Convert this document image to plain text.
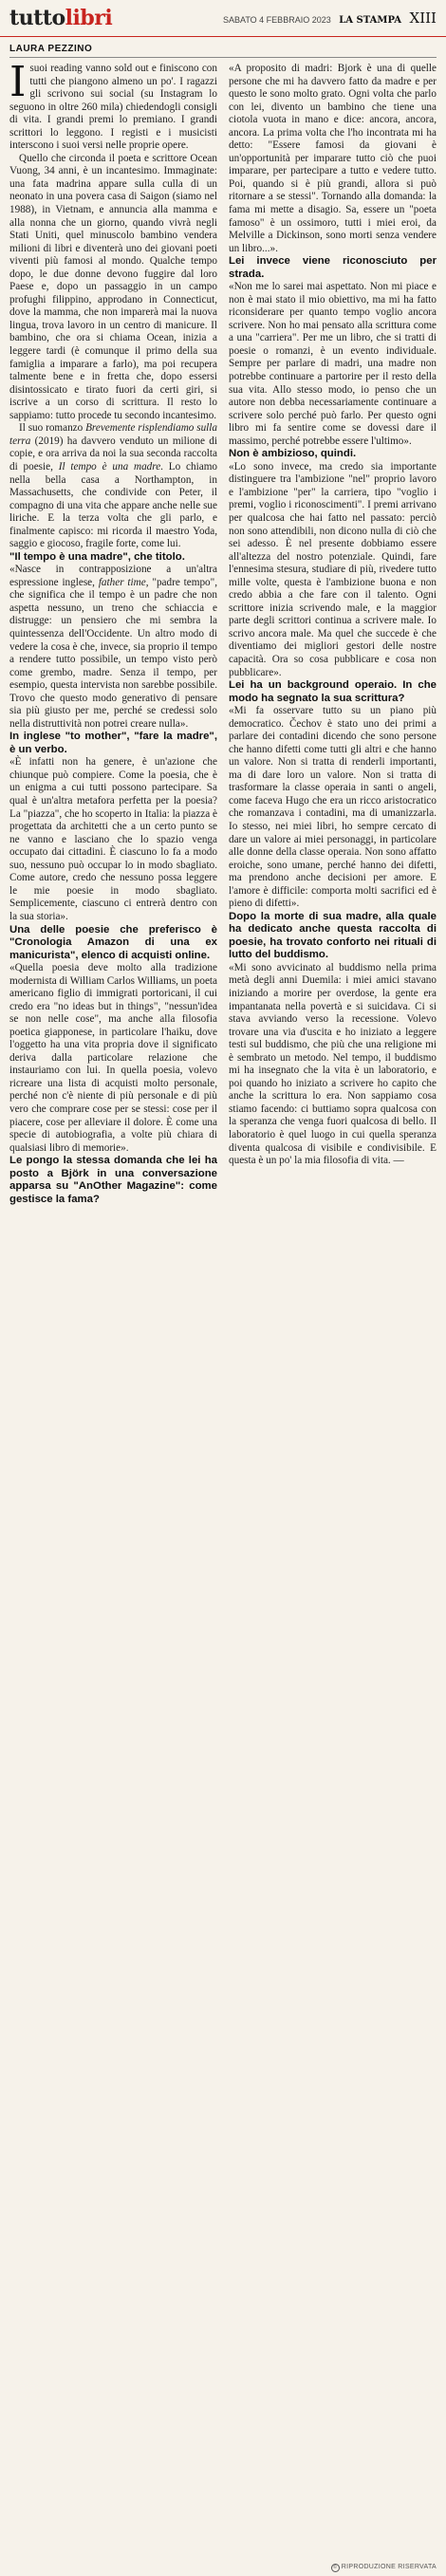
tuttolibri	SABATO 4 FEBBRAIO 2023 LA STAMPA XIII
LAURA PEZZINO

Isuoi reading vanno sold out e finiscono con tutti che piangono almeno un po'. I ragazzi gli scrivono sui social (su Instagram lo seguono in oltre 260 mila) chiedendogli consigli di vita. I grandi premi lo premiano. I grandi scrittori lo leggono. I registi e i musicisti interscono i suoi versi nelle proprie opere.

Quello che circonda il poeta e scrittore Ocean Vuong, 34 anni, è un incantesimo. Immaginate: una fata madrina appare sulla culla di un neonato in una povera casa di Saigon (siamo nel 1988), in Vietnam, e annuncia alla mamma e alla nonna che un giorno, quando vivrà negli Stati Uniti, quel minuscolo bambino vendera milioni di libri e diventerà uno dei giovani poeti viventi più famosi al mondo. Qualche tempo dopo, le due donne devono fuggire dal loro Paese e, dopo un passaggio in un campo profughi filippino, approdano in Connecticut, dove la mamma, che non imparerà mai la nuova lingua, trova lavoro in un centro di manicure. Il bambino, che ora si chiama Ocean, inizia a leggere tardi (è comunque il primo della sua famiglia a imparare a farlo), ma poi recupera talmente bene e in fretta che, dopo essersi disintossicato e tirato fuori da certi giri, si iscrive a un corso di scrittura. Il resto lo sappiamo: tutto procede tu secondo incantesimo.

Il suo romanzo Brevemente risplendiamo sulla terra (2019) ha davvero venduto un milione di copie, e ora arriva da noi la sua seconda raccolta di poesie, Il tempo è una madre. Lo chiamo nella bella casa a Northampton, in Massachusetts, che condivide con Peter, il compagno di una vita che appare anche nelle sue liriche. E la terza volta che gli parlo, e finalmente capisco: mi ricorda il maestro Yoda, saggio e giocoso, fragile forte, come lui.

"Il tempo è una madre", che titolo.

«Nasce in contrapposizione a un'altra espressione inglese, father time, "padre tempo", che significa che il tempo è un padre che non aspetta nessuno, un treno che schiaccia e distrugge: un pensiero che mi sembra la quintessenza dell'Occidente. Un altro modo di vedere la cosa è che, invece, sia proprio il tempo a rendere tutto possibile, un tempo visto però come grembo, madre. Senza il tempo, per esempio, questa intervista non sarebbe possibile. Trovo che questo modo generativo di pensare sia più giusto per me, perché se credessi solo nella distruttività non potrei creare nulla».

In inglese "to mother", "fare la madre", è un verbo.

«È infatti non ha genere, è un'azione che chiunque può compiere. Come la poesia, che è un enigma a cui tutti possono partecipare. Sa qual è un'altra metafora perfetta per la poesia? La "piazza", che ho scoperto in Italia: la piazza è progettata da architetti che a un certo punto se ne vanno e lasciano che lo spazio venga occupato dai cittadini. È ciascuno lo fa a modo suo, nessuno può occupar lo in modo sbagliato. Come autore, credo che nessuno possa leggere le mie poesie in modo sbagliato. Semplicemente, ciascuno ci entrerà dentro con la sua storia».

Una delle poesie che preferisco è "Cronologia Amazon di una ex manicurista", elenco di acquisti online.

«Quella poesia deve molto alla tradizione modernista di William Carlos Williams, un poeta americano figlio di immigrati portoricani, il cui credo era "no ideas but in things", "nessun'idea se non nelle cose", ma anche alla filosofia poetica giapponese, in particolare l'haiku, dove l'oggetto ha una vita propria dove il significato deriva dalla particolare relazione che instauriamo con lui. In quella poesia, volevo ricreare una lista di acquisti molto personale, perché non c'è niente di più personale e di più vero che comprare cose per se stessi: cose per il piacere, cose per alleviare il dolore. È come una specie di autobiografia, a volte più chiara di qualsiasi libro di memorie».

Le pongo la stessa domanda che lei ha posto a Björk in una conversazione apparsa su "AnOther Magazine": come gestisce la fama?

«A proposito di madri: Bjork è una di quelle persone che mi ha davvero fatto da madre e per questo le sono molto grato. Ogni volta che parlo con lei, divento un bambino che tiene una ciotola vuota in mano e dice: ancora, ancora, ancora. La prima volta che l'ho incontrata mi ha detto: "Essere famosi da giovani è un'opportunità per imparare tutto ciò che puoi imparare, per partecipare a tutto e vedere tutto. Poi, quando si è più grandi, allora si può ritornare a se stessi". Tornando alla domanda: la fama mi mette a disagio. Sa, essere un "poeta famoso" è un ossimoro, tutti i miei eroi, da Melville a Dickinson, sono morti senza vendere un libro...».

Lei invece viene riconosciuto per strada.

«Non me lo sarei mai aspettato. Non mi piace e non è mai stato il mio obiettivo, ma mi ha fatto riconsiderare per quanto tempo voglio ancora scrivere. Non ho mai pensato alla scrittura come a una "carriera". Per me un libro, che si tratti di poesie o romanzi, è un evento individuale. Sempre per parlare di madri, una madre non potrebbe continuare a partorire per il resto della sua vita. Allo stesso modo, io penso che un autore non debba necessariamente continuare a scrivere solo perché può farlo. Per questo ogni libro mi fa sentire come se dovessi dare il massimo, perché potrebbe essere l'ultimo».

Non è ambizioso, quindi.

«Lo sono invece, ma credo sia importante distinguere tra l'ambizione "nel" proprio lavoro e l'ambizione "per" la carriera, tipo "voglio i premi, voglio i riconoscimenti". I premi arrivano per qualcosa che hai fatto nel passato: perciò non sono attendibili, non dicono nulla di ciò che sei adesso. È nel presente dobbiamo essere all'altezza del nostro potenziale. Quindi, fare l'ennesima stesura, studiare di più, rivedere tutto mille volte, questa è l'ambizione buona e non credo abbia a che fare con il talento. Ogni scrittore inizia scrivendo male, e la maggior parte degli scrittori continua a scrivere male. Io scrivo ancora male. Ma quel che succede è che diventiamo dei migliori gestori delle nostre capacità. Ora so cosa pubblicare e cosa non pubblicare».

Lei ha un background operaio. In che modo ha segnato la sua scrittura?

«Mi fa osservare tutto su un piano più democratico. Čechov è stato uno dei primi a parlare dei contadini dicendo che sono persone che hanno difetti come tutti gli altri e che hanno un valore. Non si tratta di renderli importanti, ma di dare loro un valore. Non si tratta di trasformare la classe operaia in santi o angeli, come faceva Hugo che era un ricco aristocratico che romanzava i contadini, ma di umanizzarla. Io stesso, nei miei libri, ho sempre cercato di dare un valore ai miei personaggi, in particolare alle donne della classe operaia. Non sono affatto eroiche, sono umane, perché hanno dei difetti, ma prendono anche decisioni per amore. E l'amore è difficile: comporta molti sacrifici ed è pieno di difetti».

Dopo la morte di sua madre, alla quale ha dedicato anche questa raccolta di poesie, ha trovato conforto nei rituali di lutto del buddismo.

«Mi sono avvicinato al buddismo nella prima metà degli anni Duemila: i miei amici stavano iniziando a morire per overdose, la gente era impantanata nella povertà e si suicidava. Ci si stava avviando verso la recessione. Volevo trovare una via d'uscita e ho iniziato a leggere testi sul buddismo, che più che una religione mi è sembrato un metodo. Nel tempo, il buddismo mi ha insegnato che la vita è un laboratorio, e poi quando ho iniziato a scrivere ho capito che anche la scrittura lo era. Non sappiamo cosa stiamo facendo: ci buttiamo sopra qualcosa con la speranza che venga fuori qualcosa di bello. Il laboratorio è quel luogo in cui quella speranza diventa qualcosa di visibile e condivisibile. E questa è un po' la mia filosofia di vita. —

© RIPRODUZIONE RISERVATA
